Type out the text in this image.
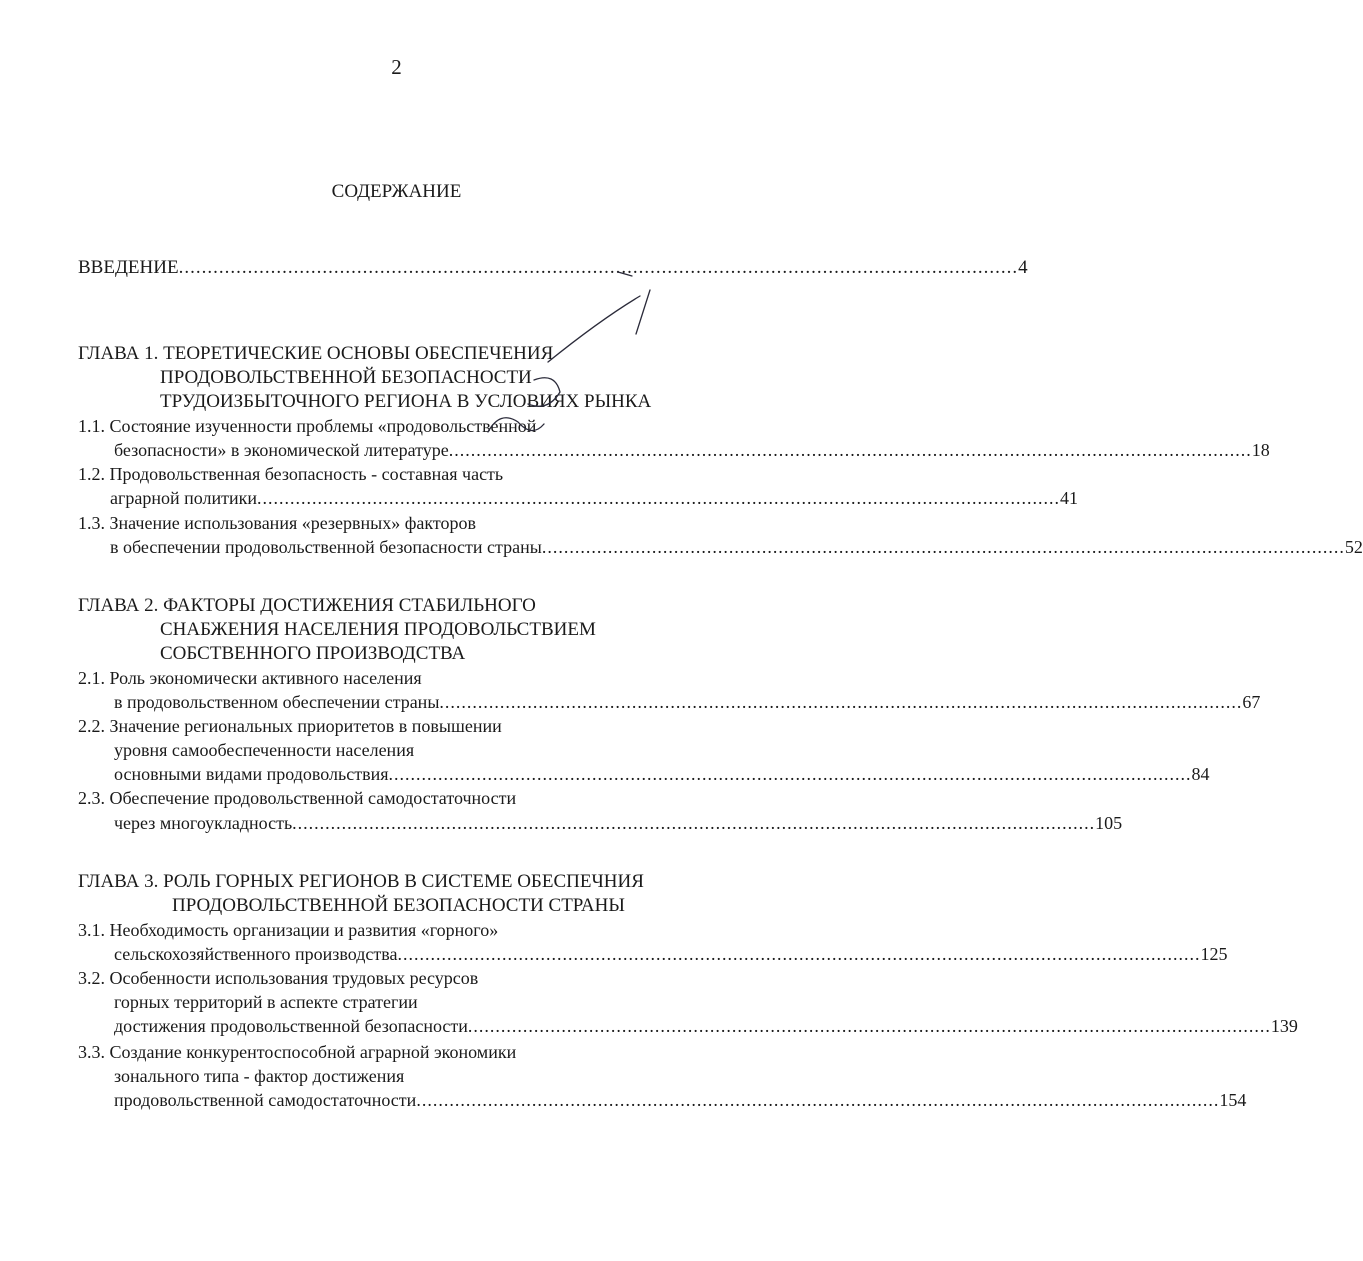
2
СОДЕРЖАНИЕ
ВВЕДЕНИЕ .................................................................................................................................................. 4
ГЛАВА 1. ТЕОРЕТИЧЕСКИЕ ОСНОВЫ ОБЕСПЕЧЕНИЯ
ПРОДОВОЛЬСТВЕННОЙ БЕЗОПАСНОСТИ
ТРУДОИЗБЫТОЧНОГО РЕГИОНА В УСЛОВИЯХ РЫНКА
1.1. Состояние изученности проблемы «продовольственной
безопасности» в экономической литературе .................................................................................................................................................. 18
1.2. Продовольственная безопасность - составная часть
аграрной политики .................................................................................................................................................. 41
1.3. Значение использования «резервных» факторов
в обеспечении продовольственной безопасности страны .................................................................................................................................................. 52
ГЛАВА 2. ФАКТОРЫ ДОСТИЖЕНИЯ СТАБИЛЬНОГО
СНАБЖЕНИЯ НАСЕЛЕНИЯ ПРОДОВОЛЬСТВИЕМ
СОБСТВЕННОГО ПРОИЗВОДСТВА
2.1. Роль экономически активного населения
в продовольственном обеспечении страны .................................................................................................................................................. 67
2.2. Значение региональных приоритетов в повышении
уровня самообеспеченности населения
основными видами продовольствия .................................................................................................................................................. 84
2.3. Обеспечение продовольственной самодостаточности
через многоукладность .................................................................................................................................................. 105
ГЛАВА 3. РОЛЬ ГОРНЫХ РЕГИОНОВ В СИСТЕМЕ ОБЕСПЕЧНИЯ
ПРОДОВОЛЬСТВЕННОЙ БЕЗОПАСНОСТИ СТРАНЫ
3.1. Необходимость организации и развития «горного»
сельскохозяйственного производства .................................................................................................................................................. 125
3.2. Особенности использования трудовых ресурсов
горных территорий в аспекте стратегии
достижения продовольственной безопасности .................................................................................................................................................. 139
3.3. Создание конкурентоспособной аграрной экономики
зонального типа - фактор достижения
продовольственной самодостаточности .................................................................................................................................................. 154
